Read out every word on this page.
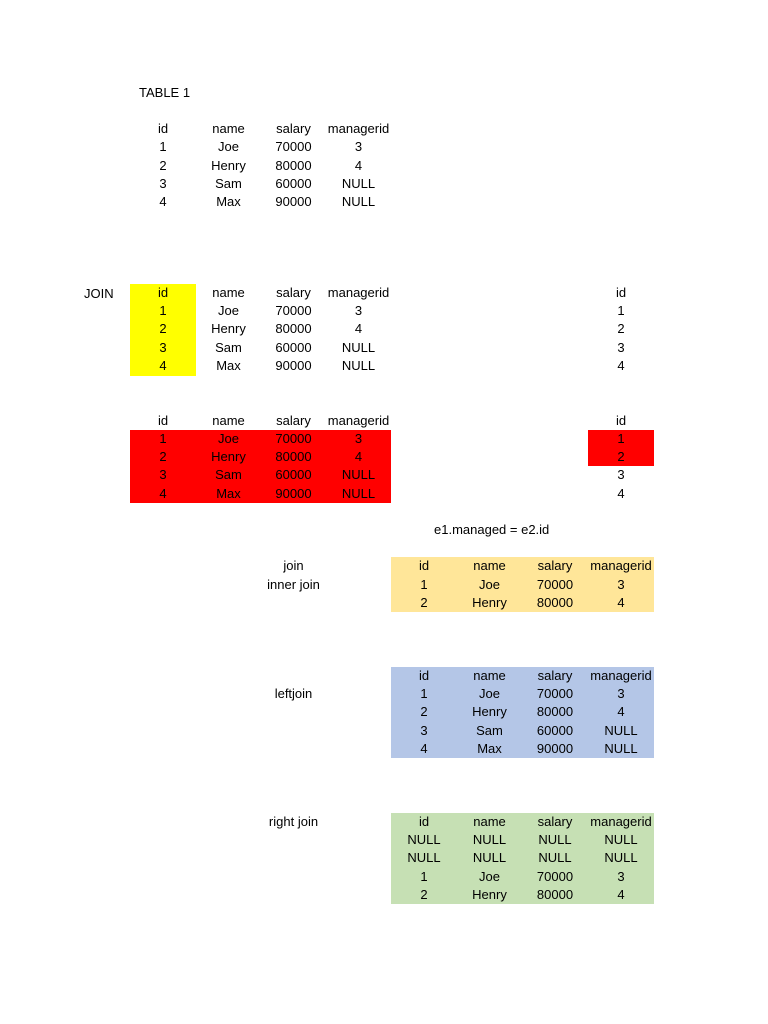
TABLE 1
id	name	salary	managerid
1	Joe	70000	3
2	Henry	80000	4
3	Sam	60000	NULL
4	Max	90000	NULL
JOIN	id	name	salary	managerid	id
1	Joe	70000	3	1
2	Henry	80000	4	2
3	Sam	60000	NULL	3
4	Max	90000	NULL	4
id	name	salary	managerid	id
1	Joe	70000	3	1
2	Henry	80000	4	2
3	Sam	60000	NULL	3
4	Max	90000	NULL	4
e1.managed = e2.id
join
inner join
id	name	salary	managerid
1	Joe	70000	3
2	Henry	80000	4
leftjoin
id	name	salary	managerid
1	Joe	70000	3
2	Henry	80000	4
3	Sam	60000	NULL
4	Max	90000	NULL
right join	id	name	salary	managerid
NULL	NULL	NULL	NULL
NULL	NULL	NULL	NULL
1	Joe	70000	3
2	Henry	80000	4
